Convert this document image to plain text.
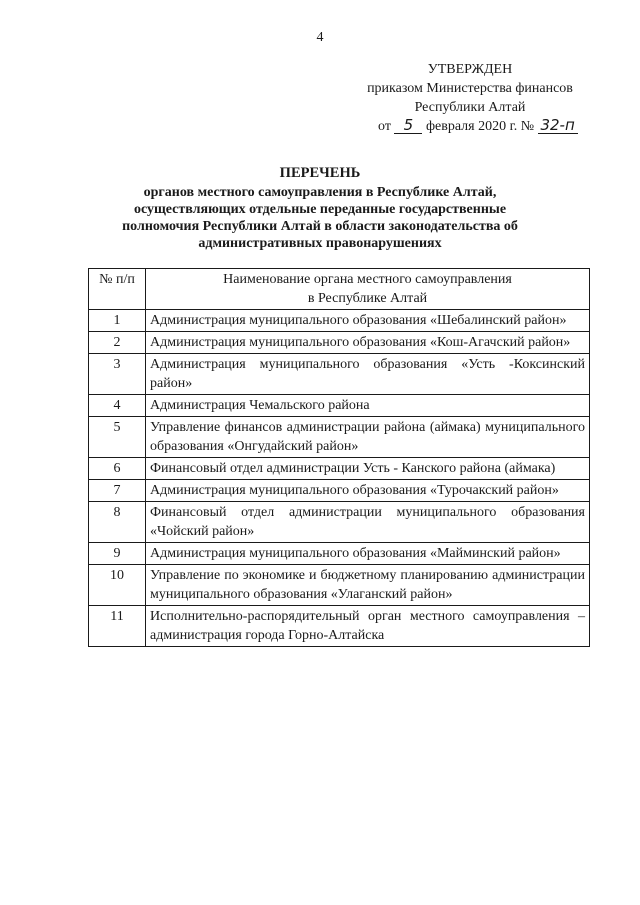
4
УТВЕРЖДЕН
приказом Министерства финансов
Республики Алтай
от 5 февраля 2020 г. № 32-п
ПЕРЕЧЕНЬ
органов местного самоуправления в Республике Алтай,
осуществляющих отдельные переданные государственные
полномочия Республики Алтай в области законодательства об
административных правонарушениях
№ п/п	Наименование органа местного самоуправления
в Республике Алтай

1	Администрация муниципального образования «Шебалинский район»
2	Администрация муниципального образования «Кош-Агачский район»
3	Администрация муниципального образования «Усть -Коксинский район»
4	Администрация Чемальского района
5	Управление финансов администрации района (аймака) муниципального образования «Онгудайский район»
6	Финансовый отдел администрации Усть - Канского района (аймака)
7	Администрация муниципального образования «Турочакский район»
8	Финансовый отдел администрации муниципального образования «Чойский район»
9	Администрация муниципального образования «Майминский район»
10	Управление по экономике и бюджетному планированию администрации муниципального образования «Улаганский район»
11	Исполнительно-распорядительный орган местного самоуправления – администрация города Горно-Алтайска
